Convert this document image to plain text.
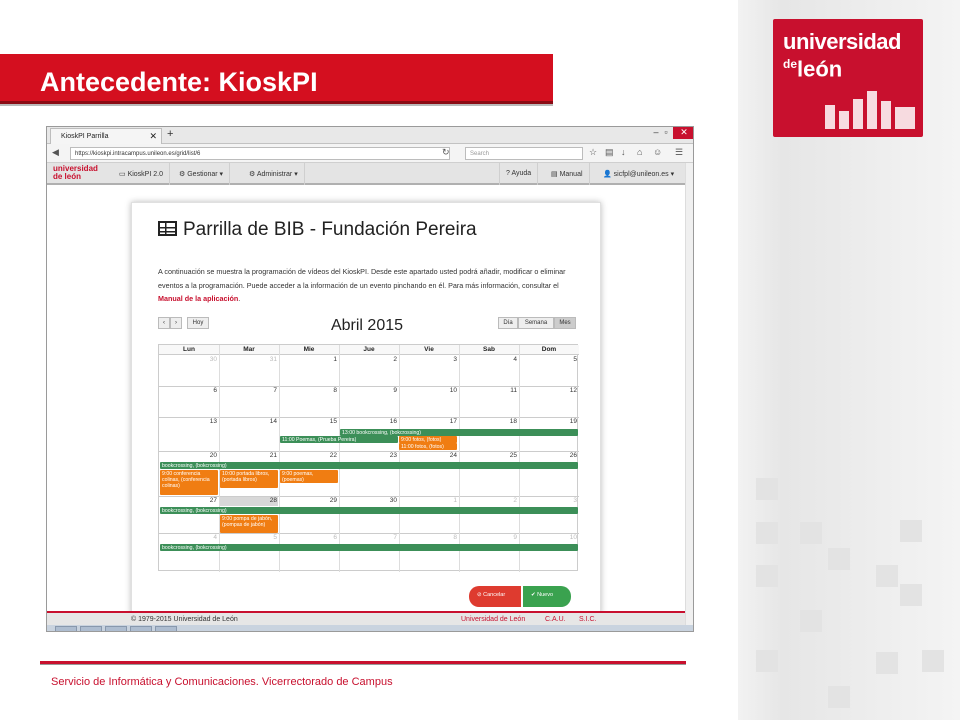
universidad
$^{de}$león
Antecedente: KioskPI
KioskPI Parrilla	✕ +	– ▫	✕
◀	https://kioskpi.intracampus.unileon.es/grid/list/6	↻	Search	☆ ▤ ↓ ⌂ ☺ ☰
universidad
de león	▭ KioskPI 2.0	⚙ Gestionar ▾	⚙ Administrar ▾	? Ayuda	▤ Manual	👤 sicfpl@unileon.es ▾
Parrilla de BIB - Fundación Pereira
A continuación se muestra la programación de vídeos del KioskPI. Desde este apartado usted podrá añadir, modificar o eliminar eventos a la programación. Puede acceder a la información de un evento pinchando en él. Para más información, consultar el Manual de la aplicación.
‹	›	Hoy	Abril 2015	Día	Semana	Mes
Lun	Mar	Mie	Jue	Vie	Sab	Dom
30	31	1	2	3	4	5
6	7	8	9	10	11	12
13	14	15	16	17	18	19
20	21	22	23	24	25	26
27	28	29	30	1	2	3
4	5	6	7	8	9	10
13:00 bookcrossing, (bokcrossing)
11:00 Poemas, (Prueba Pereira)	9:00 fotos, (fotos)
11:00 fotos, (fotos)
bookcrossing, (bokcrossing)
9:00 conferencia colinas, (conferencia colinas)
10:00 portada libros, (portada libros)
9:00 poemas, (poemas)
bookcrossing, (bokcrossing)
9:00 pompa de jabón, (pompas de jabón)
bookcrossing, (bokcrossing)
⊘ Cancelar	✔ Nuevo
© 1979-2015 Universidad de León	Universidad de León	C.A.U. S.I.C.
Servicio de Informática y Comunicaciones. Vicerrectorado de Campus
